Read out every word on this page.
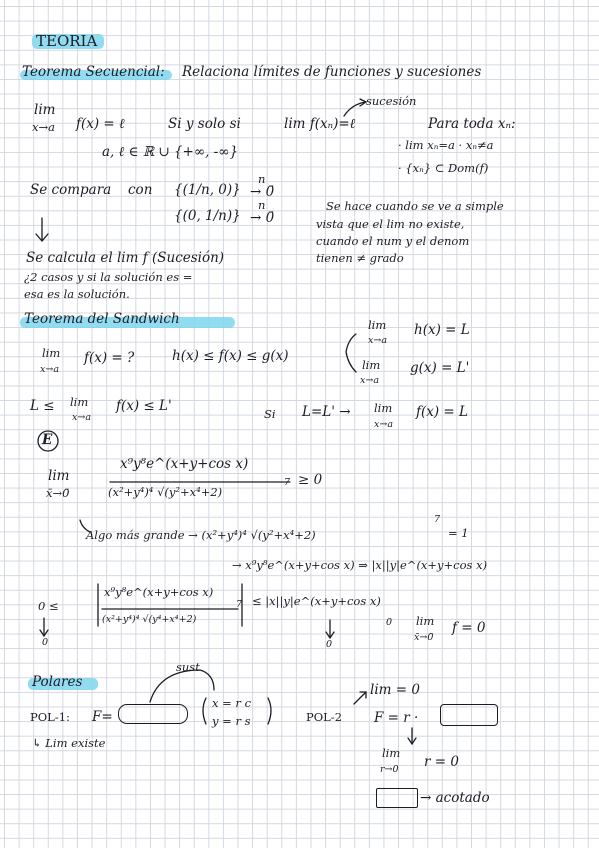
TEORIA
Teorema Secuencial: Relaciona límites de funciones y sucesiones
lim
x→a f(x) = ℓ	Si y solo si	lim f(xₙ)=ℓ
sucesión
Para toda xₙ:
· lim xₙ=a · xₙ≠a
· {xₙ} ⊂ Dom(f)
a, ℓ ∈ ℝ ∪ {+∞, -∞}
Se compara con {(1/n, 0)}
n
→ 0̄
{(0, 1/n)}
n
→ 0̄
Se hace cuando se ve a simple
vista que el lim no existe,
cuando el num y el denom
tienen ≠ grado
Se calcula el lim f (Sucesión)
¿2 casos y si la solución es =
esa es la solución.
Teorema del Sandwich
lim
x→a
f(x) = ?	h(x) ≤ f(x) ≤ g(x)
lim
x→a
h(x) = L
lim
x→a
g(x) = L'
L ≤ lim
x→a
f(x) ≤ L'	Si L=L' → lim
x→a
f(x) = L
E
lim
x̄→0̄
x⁹y⁸e^(x+y+cos x)
(x²+y⁴)⁴ √(y²+x⁴+2)
7 ≥ 0
Algo más grande → (x²+y⁴)⁴ √(y²+x⁴+2)
7
= 1
→ x⁹y⁸e^(x+y+cos x) ⇒ |x||y|e^(x+y+cos x)
0 ≤
x⁹y⁸e^(x+y+cos x)
(x²+y⁴)⁴ √(y⁴+x⁴+2)
7 ≤ |x||y|e^(x+y+cos x)
0	0
0 lim
x̄→0̄
f = 0
Polares
sust
POL-1: F=
x = r c
y = r s
↳ Lim existe
POL-2
lim = 0
F = r ·
lim
r→0 r = 0
→ acotado
